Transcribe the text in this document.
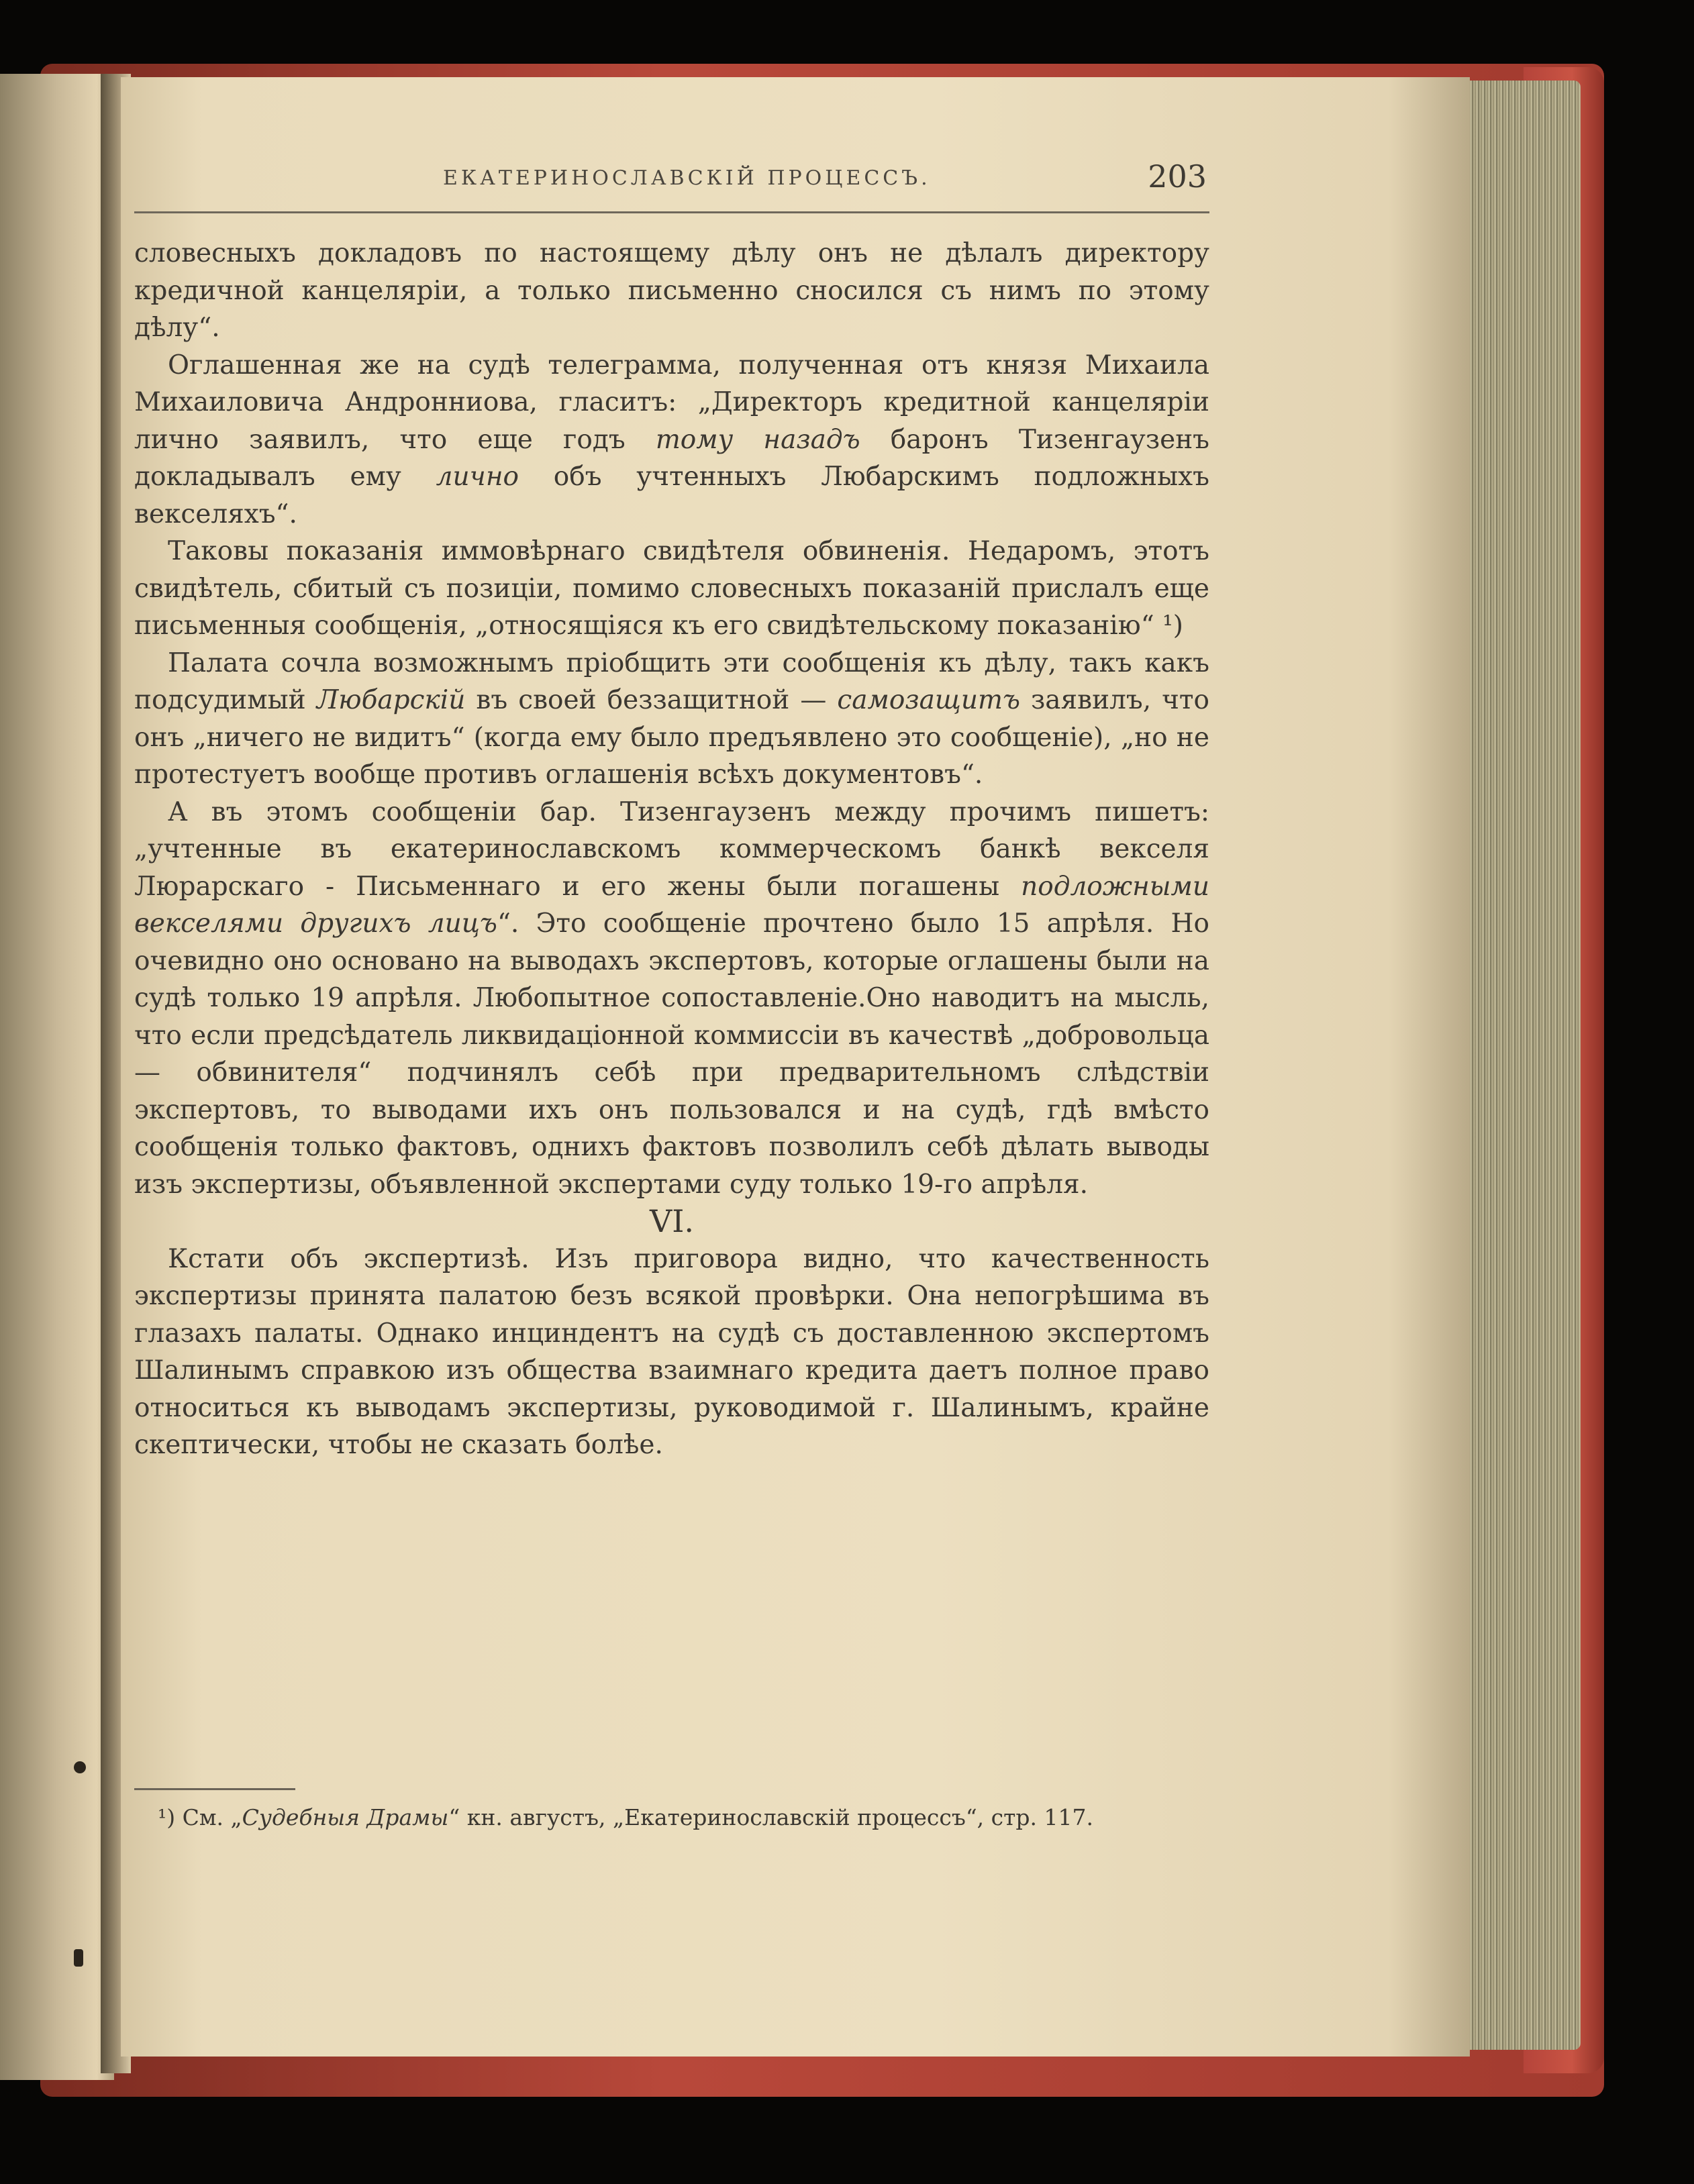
ЕКАТЕРИНОСЛАВСКІЙ ПРОЦЕССЪ.	203

словесныхъ докладовъ по настоящему дѣлу онъ не дѣлалъ директору кредичной канцеляріи, а только письменно сносился съ нимъ по этому дѣлу“.

Оглашенная же на судѣ телеграмма, полученная отъ князя Михаила Михаиловича Андронниова, гласитъ: „Директоръ кредитной канцеляріи лично заявилъ, что еще годъ тому назадъ баронъ Тизенгаузенъ докладывалъ ему лично объ учтенныхъ Любарскимъ подложныхъ векселяхъ“.

Таковы показанія иммовѣрнаго свидѣтеля обвиненія. Недаромъ, этотъ свидѣтель, сбитый съ позиціи, помимо словесныхъ показаній прислалъ еще письменныя сообщенія, „относящіяся къ его свидѣтельскому показанію“ ¹)

Палата сочла возможнымъ пріобщить эти сообщенія къ дѣлу, такъ какъ подсудимый Любарскій въ своей беззащитной — самозащитъ заявилъ, что онъ „ничего не видитъ“ (когда ему было предъявлено это сообщеніе), „но не протестуетъ вообще противъ оглашенія всѣхъ документовъ“.

А въ этомъ сообщеніи бар. Тизенгаузенъ между прочимъ пишетъ: „учтенные въ екатеринославскомъ коммерческомъ банкѣ векселя Люрарскаго - Письменнаго и его жены были погашены подложными векселями другихъ лицъ“. Это сообщеніе прочтено было 15 апрѣля. Но очевидно оно основано на выводахъ экспертовъ, которые оглашены были на судѣ только 19 апрѣля. Любопытное сопоставленіе.Оно наводитъ на мысль, что если предсѣдатель ликвидаціонной коммиссіи въ качествѣ „добровольца — обвинителя“ подчинялъ себѣ при предварительномъ слѣдствіи экспертовъ, то выводами ихъ онъ пользовался и на судѣ, гдѣ вмѣсто сообщенія только фактовъ, однихъ фактовъ позволилъ себѣ дѣлать выводы изъ экспертизы, объявленной экспертами суду только 19-го апрѣля.

VI.

Кстати объ экспертизѣ. Изъ приговора видно, что качественность экспертизы принята палатою безъ всякой провѣрки. Она непогрѣшима въ глазахъ палаты. Однако инциндентъ на судѣ съ доставленною экспертомъ Шалинымъ справкою изъ общества взаимнаго кредита даетъ полное право относиться къ выводамъ экспертизы, руководимой г. Шалинымъ, крайне скептически, чтобы не сказать болѣе.

¹) См. „Судебныя Драмы“ кн. августъ, „Екатеринославскій процессъ“, стр. 117.
